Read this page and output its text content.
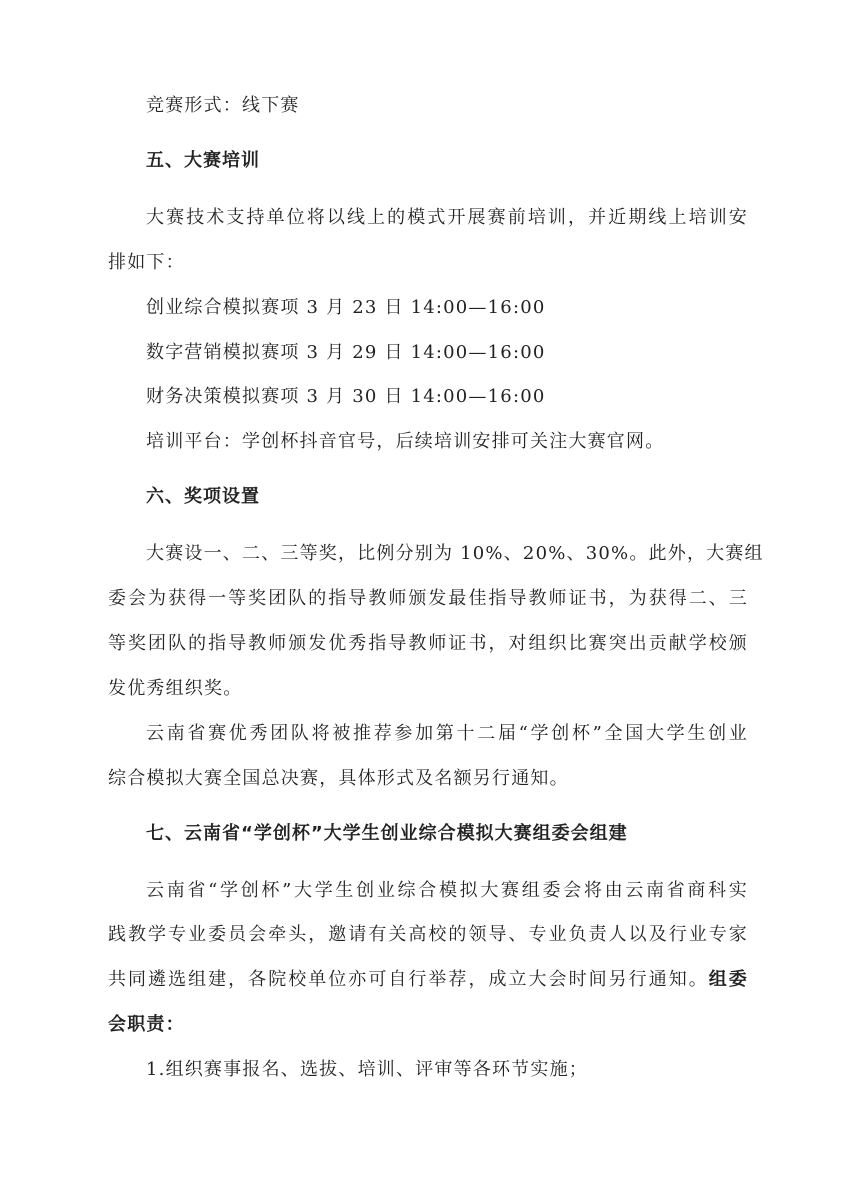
竞赛形式：线下赛
五、大赛培训
大赛技术支持单位将以线上的模式开展赛前培训，并近期线上培训安
排如下：
创业综合模拟赛项 3 月 23 日 14:00—16:00
数字营销模拟赛项 3 月 29 日 14:00—16:00
财务决策模拟赛项 3 月 30 日 14:00—16:00
培训平台：学创杯抖音官号，后续培训安排可关注大赛官网。
六、奖项设置
大赛设一、二、三等奖，比例分别为 10%、20%、30%。此外，大赛组
委会为获得一等奖团队的指导教师颁发最佳指导教师证书，为获得二、三
等奖团队的指导教师颁发优秀指导教师证书，对组织比赛突出贡献学校颁
发优秀组织奖。
云南省赛优秀团队将被推荐参加第十二届“学创杯”全国大学生创业
综合模拟大赛全国总决赛，具体形式及名额另行通知。
七、云南省“学创杯”大学生创业综合模拟大赛组委会组建
云南省“学创杯”大学生创业综合模拟大赛组委会将由云南省商科实
践教学专业委员会牵头，邀请有关高校的领导、专业负责人以及行业专家
共同遴选组建，各院校单位亦可自行举荐，成立大会时间另行通知。组委
会职责：
1.组织赛事报名、选拔、培训、评审等各环节实施；
